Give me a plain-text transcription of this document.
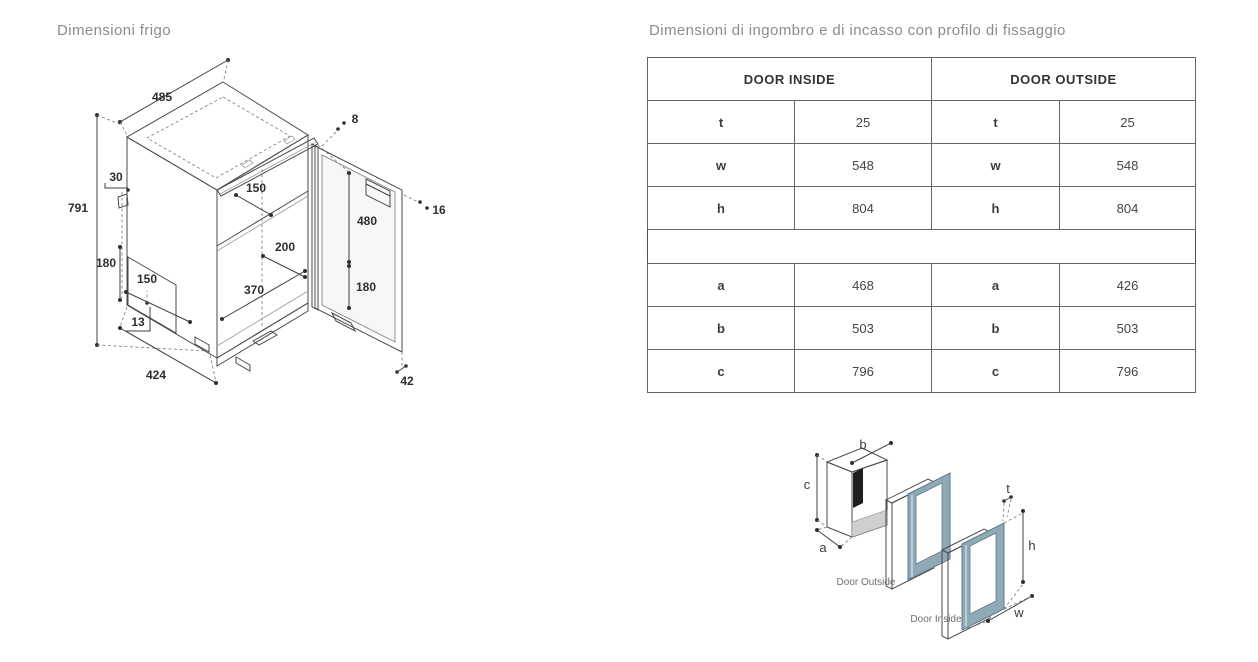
Dimensioni frigo
485
8
791
30
180
150
13
424
150
200
370
480
180
16
42
Dimensioni di ingombro e di incasso con profilo di fissaggio
DOOR INSIDE		DOOR OUTSIDE	
t	25	t	25
w	548	w	548
h	804	h	804

a	468	a	426
b	503	b	503
c	796	c	796
b
c
a
Door Outside
Door Inside
t
h
w
